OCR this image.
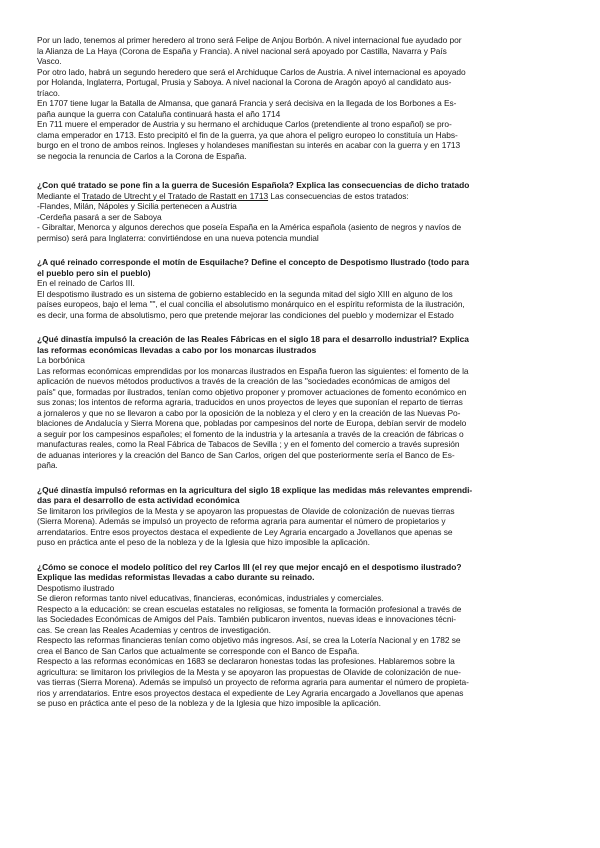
Por un lado, tenemos al primer heredero al trono será Felipe de Anjou Borbón. A nivel internacional fue ayudado por

la Alianza de La Haya (Corona de España y Francia). A nivel nacional será apoyado por Castilla, Navarra y País

Vasco.

Por otro lado, habrá un segundo heredero que será el Archiduque Carlos de Austria. A nivel internacional es apoyado

por Holanda, Inglaterra, Portugal, Prusia y Saboya. A nivel nacional la Corona de Aragón apoyó al candidato aus-

tríaco.

En 1707 tiene lugar la Batalla de Almansa, que ganará Francia y será decisiva en la llegada de los Borbones a Es-

paña aunque la guerra con Cataluña continuará hasta el año 1714

En 711 muere el emperador de Austria y su hermano el archiduque Carlos (pretendiente al trono español) se pro-

clama emperador en 1713. Esto precipitó el fin de la guerra, ya que ahora el peligro europeo lo constituía un Habs-

burgo en el trono de ambos reinos. Ingleses y holandeses manifiestan su interés en acabar con la guerra y en 1713

se negocia la renuncia de Carlos a la Corona de España.

¿Con qué tratado se pone fin a la guerra de Sucesión Española? Explica las consecuencias de dicho tratado

Mediante el Tratado de Utrecht y el Tratado de Rastatt en 1713 Las consecuencias de estos tratados:

-Flandes, Milán, Nápoles y Sicilia pertenecen a Austria

-Cerdeña pasará a ser de Saboya

- Gibraltar, Menorca y algunos derechos que poseía España en la América española (asiento de negros y navíos de

permiso) será para Inglaterra: convirtiéndose en una nueva potencia mundial

¿A qué reinado corresponde el motín de Esquilache? Define el concepto de Despotismo Ilustrado (todo para

el pueblo pero sin el pueblo)

En el reinado de Carlos III.

El despotismo ilustrado es un sistema de gobierno establecido en la segunda mitad del siglo XIII en alguno de los

países europeos, bajo el lema "", el cual concilia el absolutismo monárquico en el espíritu reformista de la ilustración,

es decir, una forma de absolutismo, pero que pretende mejorar las condiciones del pueblo y modernizar el Estado

¿Qué dinastía impulsó la creación de las Reales Fábricas en el siglo 18 para el desarrollo industrial? Explica

las reformas económicas llevadas a cabo por los monarcas ilustrados

La borbónica

Las reformas económicas emprendidas por los monarcas ilustrados en España fueron las siguientes: el fomento de la

aplicación de nuevos métodos productivos a través de la creación de las "sociedades económicas de amigos del

país" que, formadas por ilustrados, tenían como objetivo proponer y promover actuaciones de fomento económico en

sus zonas; los intentos de reforma agraria, traducidos en unos proyectos de leyes que suponían el reparto de tierras

a jornaleros y que no se llevaron a cabo por la oposición de la nobleza y el clero y en la creación de las Nuevas Po-

blaciones de Andalucía y Sierra Morena que, pobladas por campesinos del norte de Europa, debían servir de modelo

a seguir por los campesinos españoles; el fomento de la industria y la artesanía a través de la creación de fábricas o

manufacturas reales, como la Real Fábrica de Tabacos de Sevilla ; y en el fomento del comercio a través supresión

de aduanas interiores y la creación del Banco de San Carlos, origen del que posteriormente sería el Banco de Es-

paña.

¿Qué dinastía impulsó reformas en la agricultura del siglo 18 explique las medidas más relevantes emprendi-

das para el desarrollo de esta actividad económica

Se limitaron los privilegios de la Mesta y se apoyaron las propuestas de Olavide de colonización de nuevas tierras

(Sierra Morena). Además se impulsó un proyecto de reforma agraria para aumentar el número de propietarios y

arrendatarios. Entre esos proyectos destaca el expediente de Ley Agraria encargado a Jovellanos que apenas se

puso en práctica ante el peso de la nobleza y de la Iglesia que hizo imposible la aplicación.

¿Cómo se conoce el modelo político del rey Carlos III (el rey que mejor encajó en el despotismo ilustrado?

Explique las medidas reformistas llevadas a cabo durante su reinado.

Despotismo ilustrado

Se dieron reformas tanto nivel educativas, financieras, económicas, industriales y comerciales.

Respecto a la educación: se crean escuelas estatales no religiosas, se fomenta la formación profesional a través de

las Sociedades Económicas de Amigos del País. También publicaron inventos, nuevas ideas e innovaciones técni-

cas. Se crean las Reales Academias y centros de investigación.

Respecto las reformas financieras tenían como objetivo más ingresos. Así, se crea la Lotería Nacional y en 1782 se

crea el Banco de San Carlos que actualmente se corresponde con el Banco de España.

Respecto a las reformas económicas en 1683 se declararon honestas todas las profesiones. Hablaremos sobre la

agricultura: se limitaron los privilegios de la Mesta y se apoyaron las propuestas de Olavide de colonización de nue-

vas tierras (Sierra Morena). Además se impulsó un proyecto de reforma agraria para aumentar el número de propieta-

rios y arrendatarios. Entre esos proyectos destaca el expediente de Ley Agraria encargado a Jovellanos que apenas

se puso en práctica ante el peso de la nobleza y de la Iglesia que hizo imposible la aplicación.
